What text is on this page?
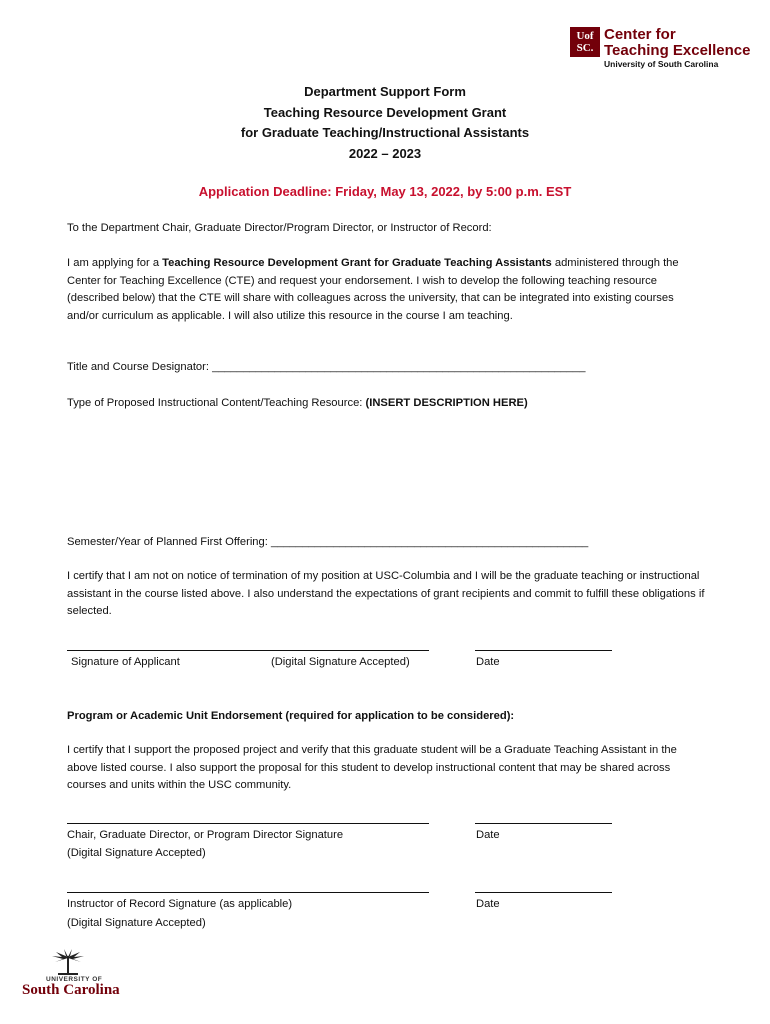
Uof SC.
Center for
Teaching Excellence
University of South Carolina
Department Support Form
Teaching Resource Development Grant
for Graduate Teaching/Instructional Assistants
2022 – 2023
Application Deadline: Friday, May 13, 2022, by 5:00 p.m. EST
To the Department Chair, Graduate Director/Program Director, or Instructor of Record:
I am applying for a Teaching Resource Development Grant for Graduate Teaching Assistants administered through the Center for Teaching Excellence (CTE) and request your endorsement. I wish to develop the following teaching resource (described below) that the CTE will share with colleagues across the university, that can be integrated into existing courses and/or curriculum as applicable. I will also utilize this resource in the course I am teaching.
Title and Course Designator: ____________________________________________________________
Type of Proposed Instructional Content/Teaching Resource: (INSERT DESCRIPTION HERE)
Semester/Year of Planned First Offering: ___________________________________________________
I certify that I am not on notice of termination of my position at USC-Columbia and I will be the graduate teaching or instructional assistant in the course listed above. I also understand the expectations of grant recipients and commit to fulfill these obligations if selected.
Signature of Applicant	(Digital Signature Accepted)	Date
Program or Academic Unit Endorsement (required for application to be considered):
I certify that I support the proposed project and verify that this graduate student will be a Graduate Teaching Assistant in the above listed course. I also support the proposal for this student to develop instructional content that may be shared across courses and units within the USC community.
Chair, Graduate Director, or Program Director Signature
(Digital Signature Accepted)
Date
Instructor of Record Signature (as applicable)
(Digital Signature Accepted)
Date
UNIVERSITY OF
South Carolina
